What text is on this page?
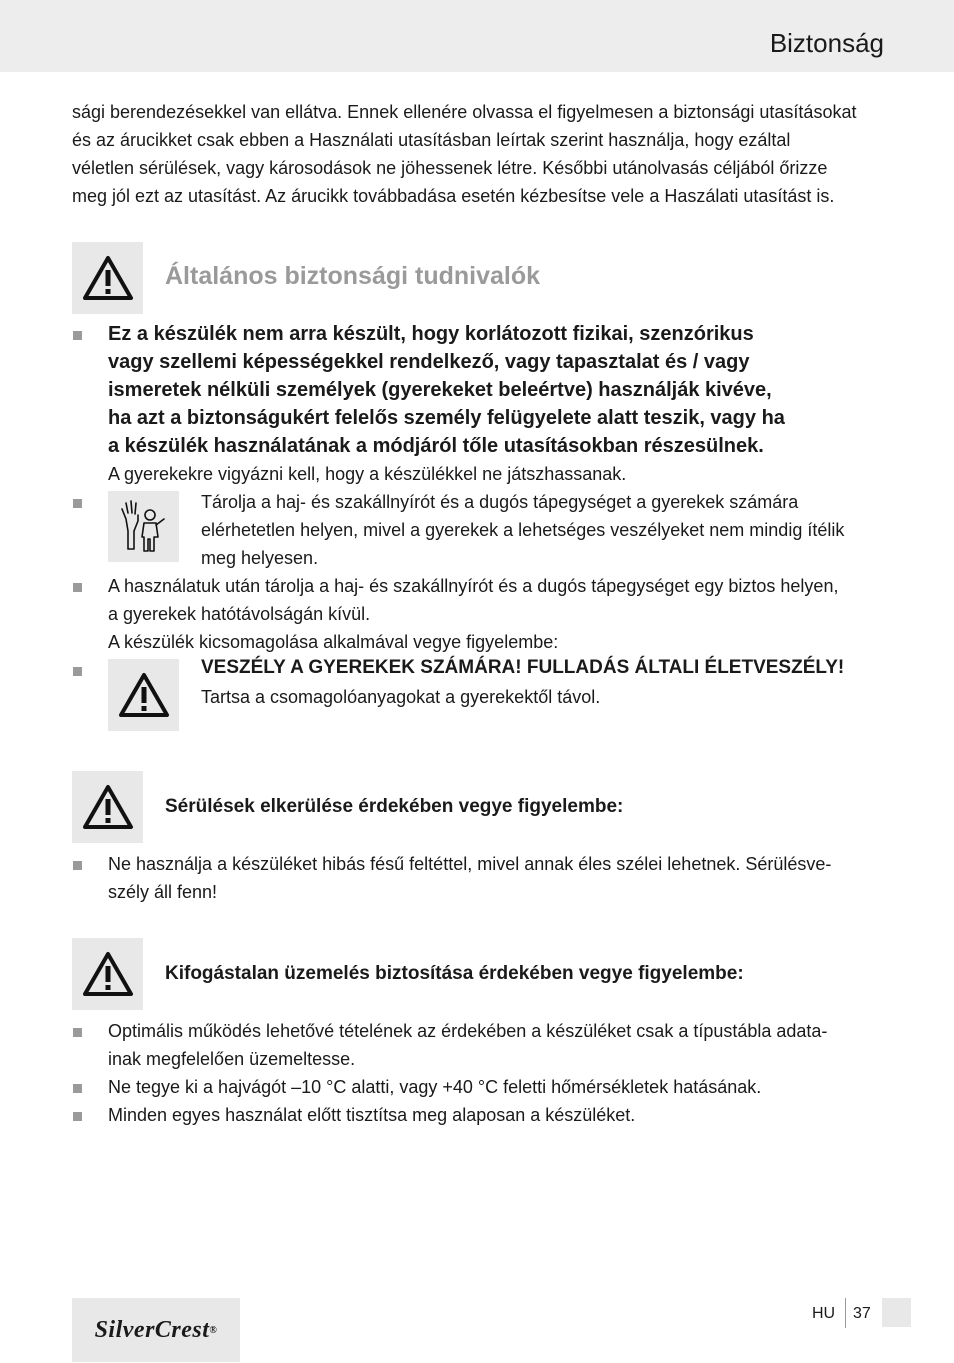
Biztonság
sági berendezésekkel van ellátva. Ennek ellenére olvassa el figyelmesen a biztonsági utasításokat
és az árucikket csak ebben a Használati utasításban leírtak szerint használja, hogy ezáltal
véletlen sérülések, vagy károsodások ne jöhessenek létre. Későbbi utánolvasás céljából őrizze
meg jól ezt az utasítást. Az árucikk továbbadása esetén kézbesítse vele a Haszálati utasítást is.
Általános biztonsági tudnivalók
Ez a készülék nem arra készült, hogy korlátozott fizikai, szenzórikus
vagy szellemi képességekkel rendelkező, vagy tapasztalat és / vagy
ismeretek nélküli személyek (gyerekeket beleértve) használják kivéve,
ha azt a biztonságukért felelős személy felügyelete alatt teszik, vagy ha
a készülék használatának a módjáról tőle utasításokban részesülnek.
A gyerekekre vigyázni kell, hogy a készülékkel ne játszhassanak.
Tárolja a haj- és szakállnyírót és a dugós tápegységet a gyerekek számára
elérhetetlen helyen, mivel a gyerekek a lehetséges veszélyeket nem mindig ítélik
meg helyesen.
A használatuk után tárolja a haj- és szakállnyírót és a dugós tápegységet egy biztos helyen,
a gyerekek hatótávolságán kívül.
A készülék kicsomagolása alkalmával vegye figyelembe:
VESZÉLY A GYEREKEK SZÁMÁRA! FULLADÁS ÁLTALI ÉLETVESZÉLY!
Tartsa a csomagolóanyagokat a gyerekektől távol.
Sérülések elkerülése érdekében vegye figyelembe:
Ne használja a készüléket hibás fésű feltéttel, mivel annak éles szélei lehetnek. Sérülésve-
szély áll fenn!
Kifogástalan üzemelés biztosítása érdekében vegye figyelembe:
Optimális működés lehetővé tételének az érdekében a készüléket csak a típustábla adata-
inak megfelelően üzemeltesse.
Ne tegye ki a hajvágót –10 °C alatti, vagy +40 °C feletti hőmérsékletek hatásának.
Minden egyes használat előtt tisztítsa meg alaposan a készüléket.
SilverCrest ®
HU 37
